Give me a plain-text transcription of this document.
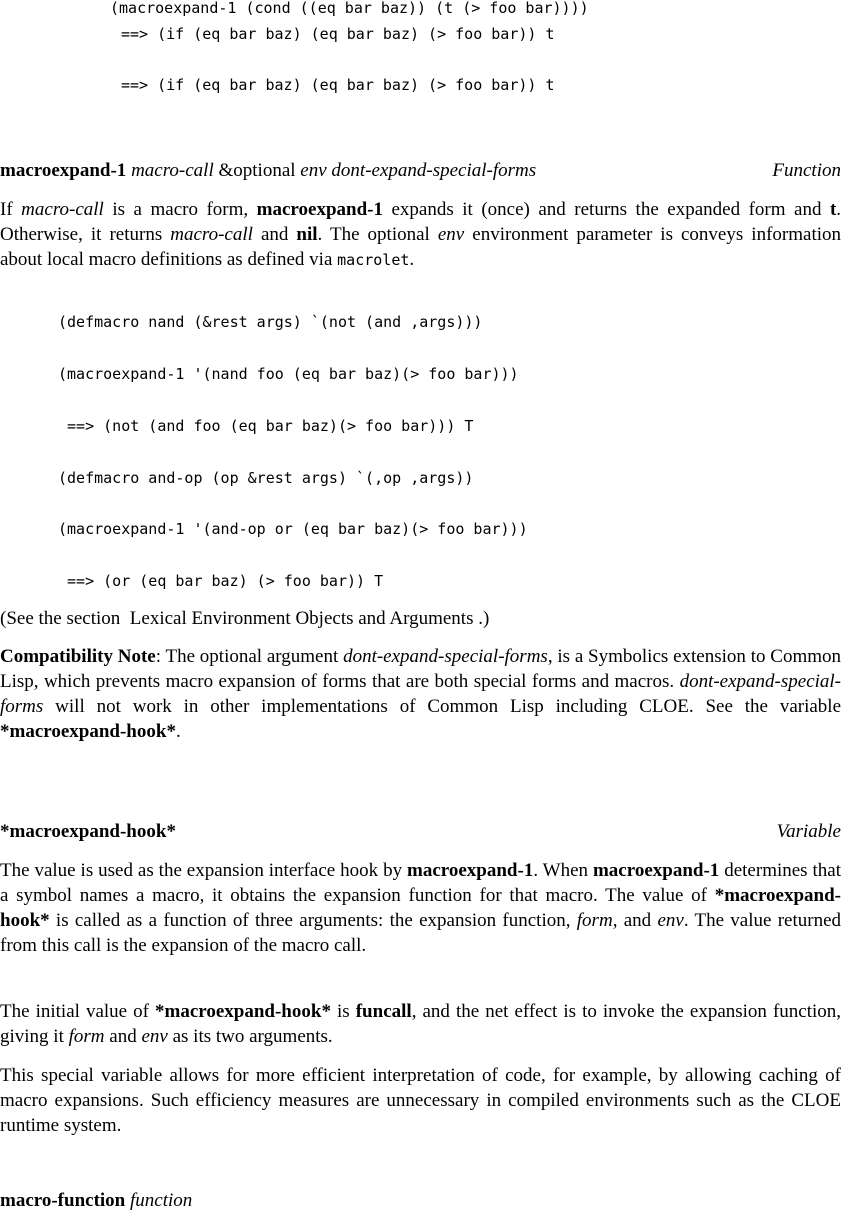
(macroexpand-1 (cond ((eq bar baz)) (t (> foo bar))))
==> (if (eq bar baz) (eq bar baz) (> foo bar)) t
==> (if (eq bar baz) (eq bar baz) (> foo bar)) t
macroexpand-1 macro-call &optional env dont-expand-special-forms	Function

If macro-call is a macro form, macroexpand-1 expands it (once) and returns the expanded form and t. Otherwise, it returns macro-call and nil. The optional env environment parameter is conveys information about local macro definitions as defined via macrolet.

(defmacro nand (&rest args) `(not (and ,args)))
(macroexpand-1 '(nand foo (eq bar baz)(> foo bar)))
==> (not (and foo (eq bar baz)(> foo bar))) T
(defmacro and-op (op &rest args) `(,op ,args))
(macroexpand-1 '(and-op or (eq bar baz)(> foo bar)))
==> (or (eq bar baz) (> foo bar)) T

(See the section  Lexical Environment Objects and Arguments .)

Compatibility Note: The optional argument dont-expand-special-forms, is a Symbolics extension to Common Lisp, which prevents macro expansion of forms that are both special forms and macros. dont-expand-special-forms will not work in other implementations of Common Lisp including CLOE. See the variable *macroexpand-hook*.

*macroexpand-hook*	Variable

The value is used as the expansion interface hook by macroexpand-1. When macroexpand-1 determines that a symbol names a macro, it obtains the expansion function for that macro. The value of *macroexpand-hook* is called as a function of three arguments: the expansion function, form, and env. The value returned from this call is the expansion of the macro call.

The initial value of *macroexpand-hook* is funcall, and the net effect is to invoke the expansion function, giving it form and env as its two arguments.

This special variable allows for more efficient interpretation of code, for example, by allowing caching of macro expansions. Such efficiency measures are unnecessary in compiled environments such as the CLOE runtime system.

macro-function function
